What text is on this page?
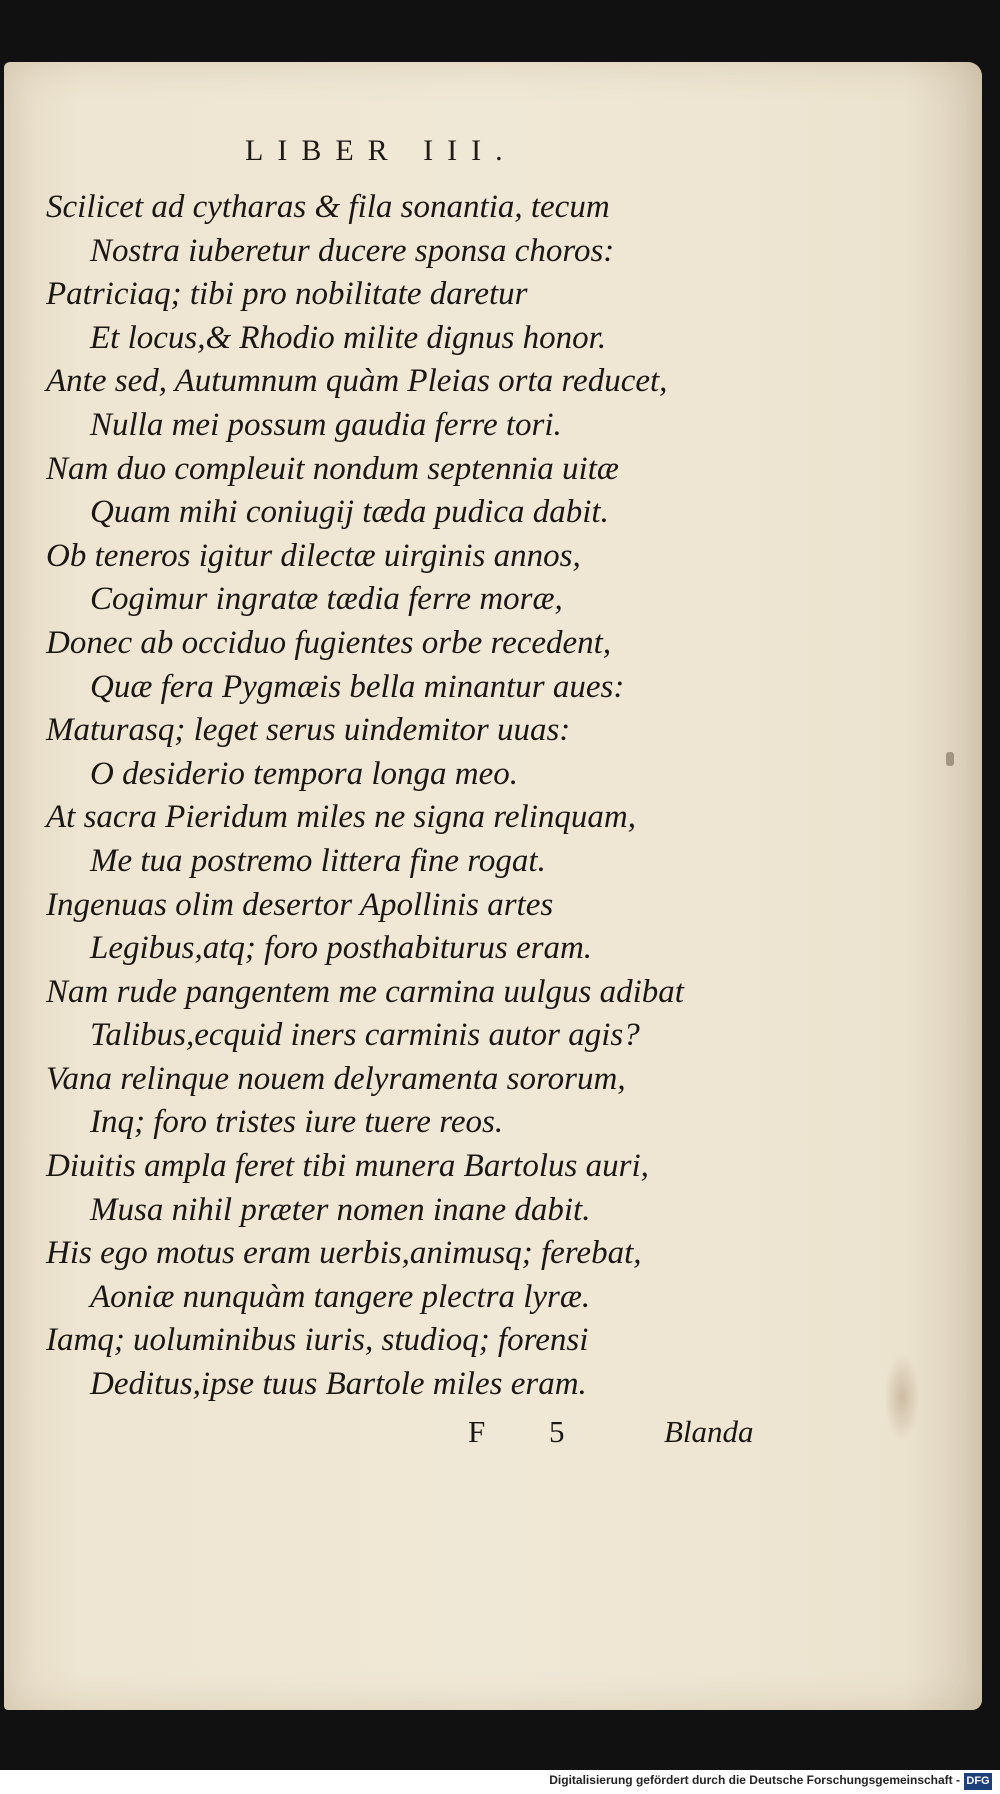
LIBER III.
Scilicet ad cytharas & fila sonantia, tecum
Nostra iuberetur ducere sponsa choros:
Patriciaq; tibi pro nobilitate daretur
Et locus,& Rhodio milite dignus honor.
Ante sed, Autumnum quàm Pleias orta reducet,
Nulla mei possum gaudia ferre tori.
Nam duo compleuit nondum septennia uitæ
Quam mihi coniugij tæda pudica dabit.
Ob teneros igitur dilectæ uirginis annos,
Cogimur ingratæ tædia ferre moræ,
Donec ab occiduo fugientes orbe recedent,
Quæ fera Pygmæis bella minantur aues:
Maturasq; leget serus uindemitor uuas:
O desiderio tempora longa meo.
At sacra Pieridum miles ne signa relinquam,
Me tua postremo littera fine rogat.
Ingenuas olim desertor Apollinis artes
Legibus,atq; foro posthabiturus eram.
Nam rude pangentem me carmina uulgus adibat
Talibus,ecquid iners carminis autor agis?
Vana relinque nouem delyramenta sororum,
Inq; foro tristes iure tuere reos.
Diuitis ampla feret tibi munera Bartolus auri,
Musa nihil præter nomen inane dabit.
His ego motus eram uerbis,animusq; ferebat,
Aoniæ nunquàm tangere plectra lyræ.
Iamq; uoluminibus iuris, studioq; forensi
Deditus,ipse tuus Bartole miles eram.
F 5 Blanda
Digitalisierung gefördert durch die Deutsche Forschungsgemeinschaft - DFG
